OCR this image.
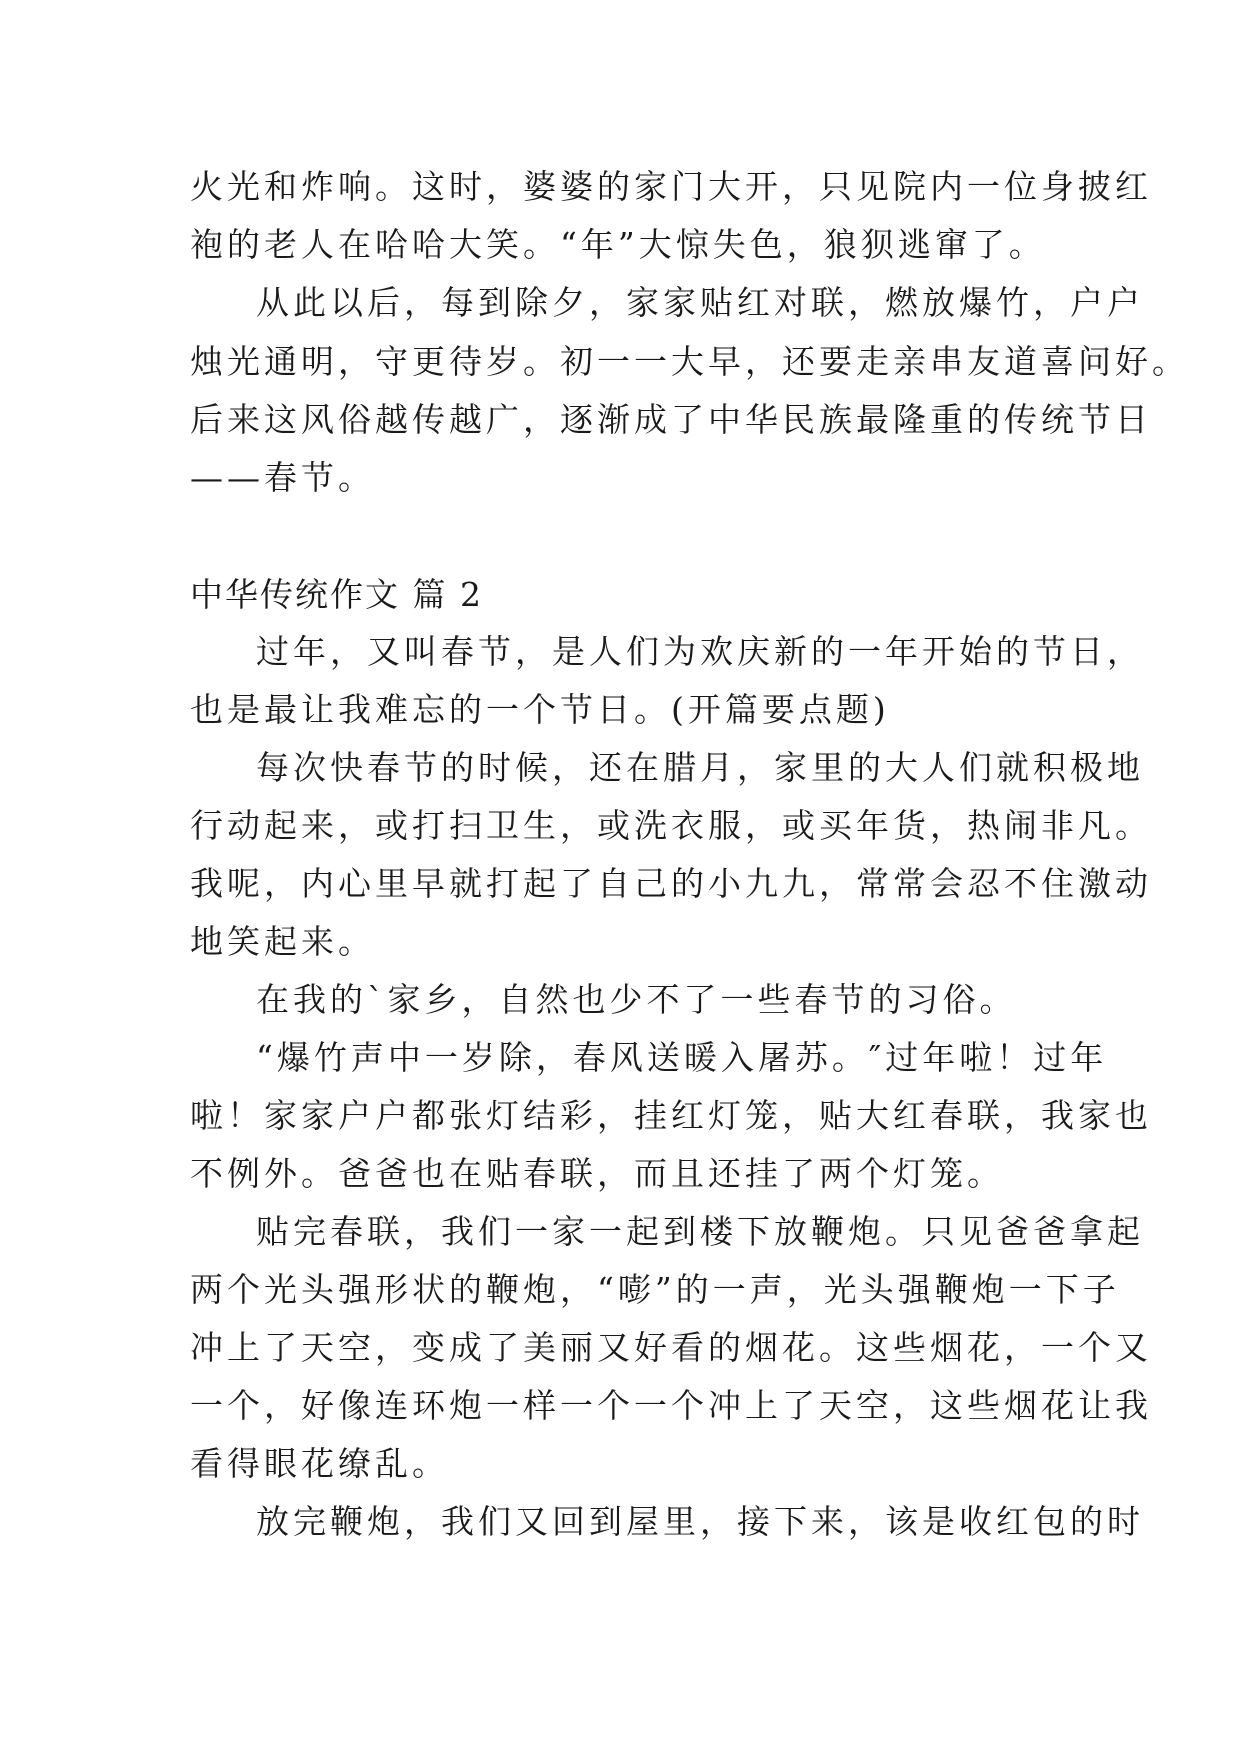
火光和炸响。这时，婆婆的家门大开，只见院内一位身披红
袍的老人在哈哈大笑。“年”大惊失色，狼狈逃窜了。
从此以后，每到除夕，家家贴红对联，燃放爆竹，户户
烛光通明，守更待岁。初一一大早，还要走亲串友道喜问好。
后来这风俗越传越广，逐渐成了中华民族最隆重的传统节日
——春节。
中华传统作文 篇 2
过年，又叫春节，是人们为欢庆新的一年开始的节日，
也是最让我难忘的一个节日。(开篇要点题)
每次快春节的时候，还在腊月，家里的大人们就积极地
行动起来，或打扫卫生，或洗衣服，或买年货，热闹非凡。
我呢，内心里早就打起了自己的小九九，常常会忍不住激动
地笑起来。
在我的`家乡，自然也少不了一些春节的习俗。
“爆竹声中一岁除，春风送暖入屠苏。″过年啦！过年
啦！家家户户都张灯结彩，挂红灯笼，贴大红春联，我家也
不例外。爸爸也在贴春联，而且还挂了两个灯笼。
贴完春联，我们一家一起到楼下放鞭炮。只见爸爸拿起
两个光头强形状的鞭炮，“嘭”的一声，光头强鞭炮一下子
冲上了天空，变成了美丽又好看的烟花。这些烟花，一个又
一个，好像连环炮一样一个一个冲上了天空，这些烟花让我
看得眼花缭乱。
放完鞭炮，我们又回到屋里，接下来，该是收红包的时
